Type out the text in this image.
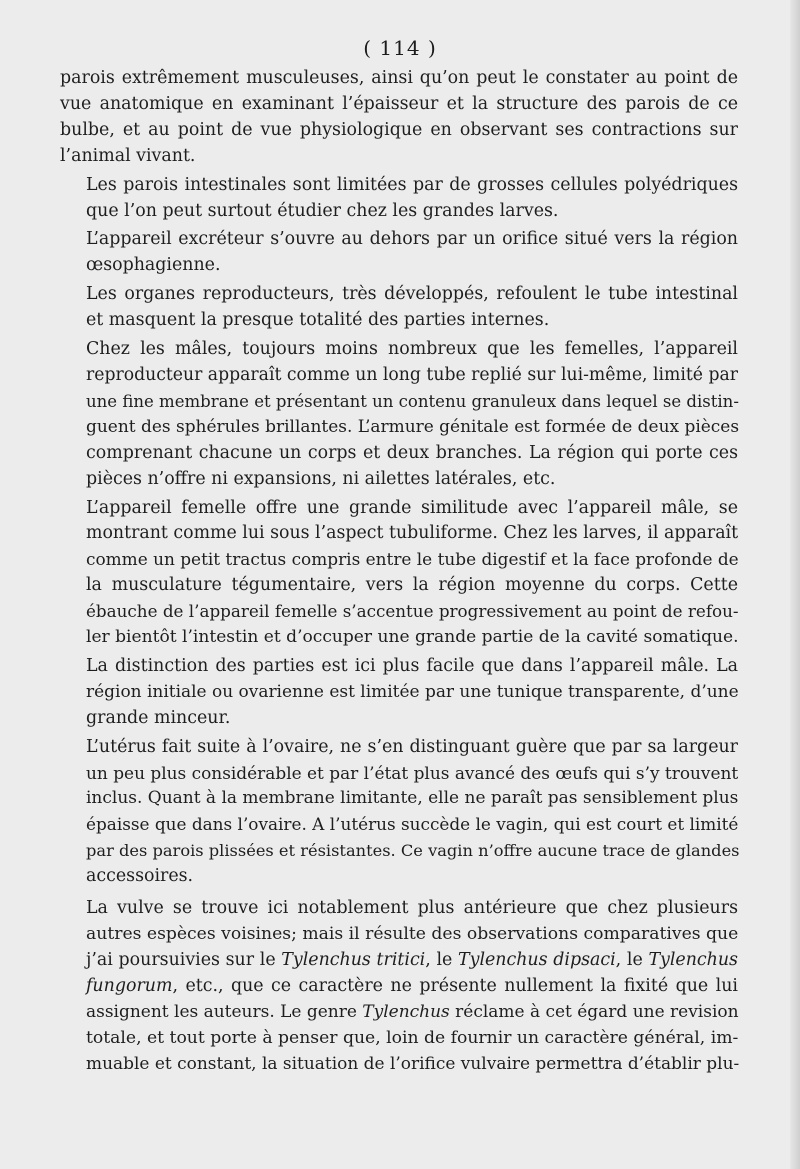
( 114 )

parois extrêmement musculeuses, ainsi qu’on peut le constater au point de
vue anatomique en examinant l’épaisseur et la structure des parois de ce
bulbe, et au point de vue physiologique en observant ses contractions sur
l’animal vivant.

Les parois intestinales sont limitées par de grosses cellules polyédriques
que l’on peut surtout étudier chez les grandes larves.

L’appareil excréteur s’ouvre au dehors par un orifice situé vers la région
œsophagienne.

Les organes reproducteurs, très développés, refoulent le tube intestinal
et masquent la presque totalité des parties internes.

Chez les mâles, toujours moins nombreux que les femelles, l’appareil
reproducteur apparaît comme un long tube replié sur lui-même, limité par
une fine membrane et présentant un contenu granuleux dans lequel se distin-
guent des sphérules brillantes. L’armure génitale est formée de deux pièces
comprenant chacune un corps et deux branches. La région qui porte ces
pièces n’offre ni expansions, ni ailettes latérales, etc.

L’appareil femelle offre une grande similitude avec l’appareil mâle, se
montrant comme lui sous l’aspect tubuliforme. Chez les larves, il apparaît
comme un petit tractus compris entre le tube digestif et la face profonde de
la musculature tégumentaire, vers la région moyenne du corps. Cette
ébauche de l’appareil femelle s’accentue progressivement au point de refou-
ler bientôt l’intestin et d’occuper une grande partie de la cavité somatique.

La distinction des parties est ici plus facile que dans l’appareil mâle. La
région initiale ou ovarienne est limitée par une tunique transparente, d’une
grande minceur.

L’utérus fait suite à l’ovaire, ne s’en distinguant guère que par sa largeur
un peu plus considérable et par l’état plus avancé des œufs qui s’y trouvent
inclus. Quant à la membrane limitante, elle ne paraît pas sensiblement plus
épaisse que dans l’ovaire. A l’utérus succède le vagin, qui est court et limité
par des parois plissées et résistantes. Ce vagin n’offre aucune trace de glandes
accessoires.

La vulve se trouve ici notablement plus antérieure que chez plusieurs
autres espèces voisines; mais il résulte des observations comparatives que
j’ai poursuivies sur le Tylenchus tritici, le Tylenchus dipsaci, le Tylenchus
fungorum, etc., que ce caractère ne présente nullement la fixité que lui
assignent les auteurs. Le genre Tylenchus réclame à cet égard une revision
totale, et tout porte à penser que, loin de fournir un caractère général, im-
muable et constant, la situation de l’orifice vulvaire permettra d’établir plu-
